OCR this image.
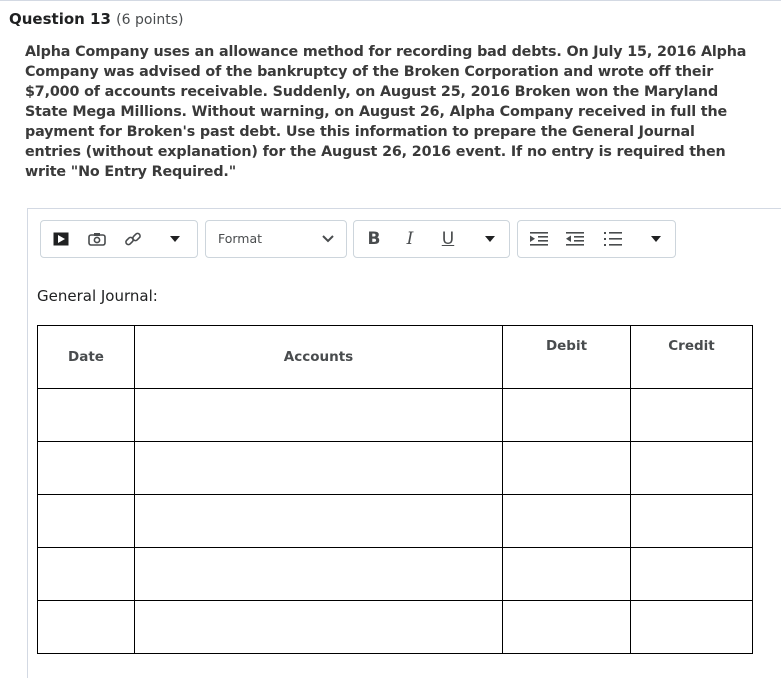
Question 13 (6 points)
Alpha Company uses an allowance method for recording bad debts. On July 15, 2016 Alpha Company was advised of the bankruptcy of the Broken Corporation and wrote off their $7,000 of accounts receivable. Suddenly, on August 25, 2016 Broken won the Maryland State Mega Millions. Without warning, on August 26, Alpha Company received in full the payment for Broken's past debt. Use this information to prepare the General Journal entries (without explanation) for the August 26, 2016 event. If no entry is required then write "No Entry Required."
Format	B	I	U
General Journal:
Date	Accounts	Debit	Credit
